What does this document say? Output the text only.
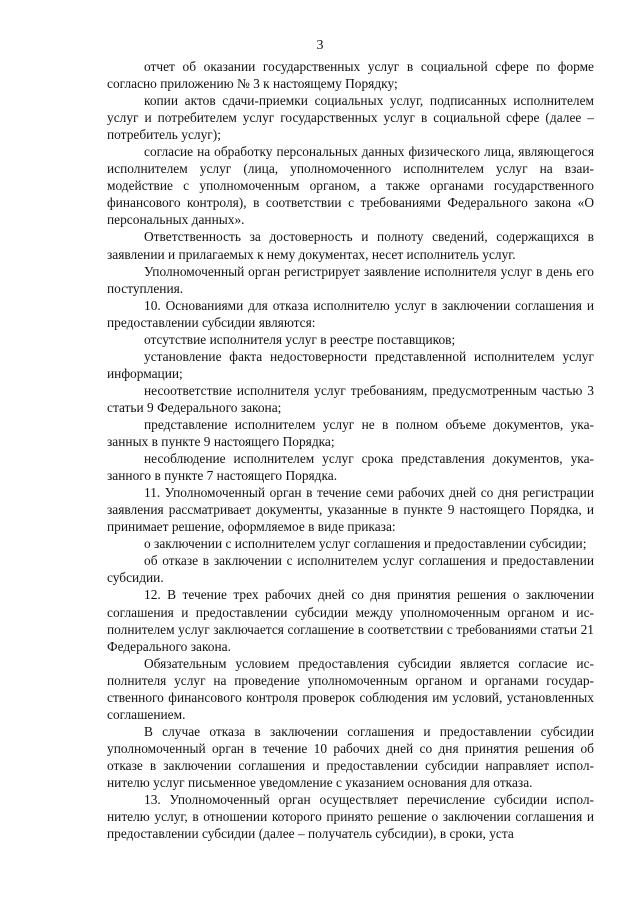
3

отчет об оказании государственных услуг в социальной сфере по форме согласно приложению № 3 к настоящему Порядку;

копии актов сдачи-приемки социальных услуг, подписанных исполнителем услуг и потребителем услуг государственных услуг в социальной сфере (далее – потребитель услуг);

согласие на обработку персональных данных физического лица, являющегося исполнителем услуг (лица, уполномоченного исполнителем услуг на взаимодействие с уполномоченным органом, а также органами государственного финансового контроля), в соответствии с требованиями Федерального закона «О персональных данных».

Ответственность за достоверность и полноту сведений, содержащихся в заявлении и прилагаемых к нему документах, несет исполнитель услуг.

Уполномоченный орган регистрирует заявление исполнителя услуг в день его поступления.

10. Основаниями для отказа исполнителю услуг в заключении соглашения и предоставлении субсидии являются:

отсутствие исполнителя услуг в реестре поставщиков;

установление факта недостоверности представленной исполнителем услуг информации;

несоответствие исполнителя услуг требованиям, предусмотренным частью 3 статьи 9 Федерального закона;

представление исполнителем услуг не в полном объеме документов, указанных в пункте 9 настоящего Порядка;

несоблюдение исполнителем услуг срока представления документов, указанного в пункте 7 настоящего Порядка.

11. Уполномоченный орган в течение семи рабочих дней со дня регистрации заявления рассматривает документы, указанные в пункте 9 настоящего Порядка, и принимает решение, оформляемое в виде приказа:

о заключении с исполнителем услуг соглашения и предоставлении субсидии;

об отказе в заключении с исполнителем услуг соглашения и предоставлении субсидии.

12. В течение трех рабочих дней со дня принятия решения о заключении соглашения и предоставлении субсидии между уполномоченным органом и исполнителем услуг заключается соглашение в соответствии с требованиями статьи 21 Федерального закона.

Обязательным условием предоставления субсидии является согласие исполнителя услуг на проведение уполномоченным органом и органами государственного финансового контроля проверок соблюдения им условий, установленных соглашением.

В случае отказа в заключении соглашения и предоставлении субсидии уполномоченный орган в течение 10 рабочих дней со дня принятия решения об отказе в заключении соглашения и предоставлении субсидии направляет исполнителю услуг письменное уведомление с указанием основания для отказа.

13. Уполномоченный орган осуществляет перечисление субсидии исполнителю услуг, в отношении которого принято решение о заключении соглашения и предоставлении субсидии (далее – получатель субсидии), в сроки, уста
